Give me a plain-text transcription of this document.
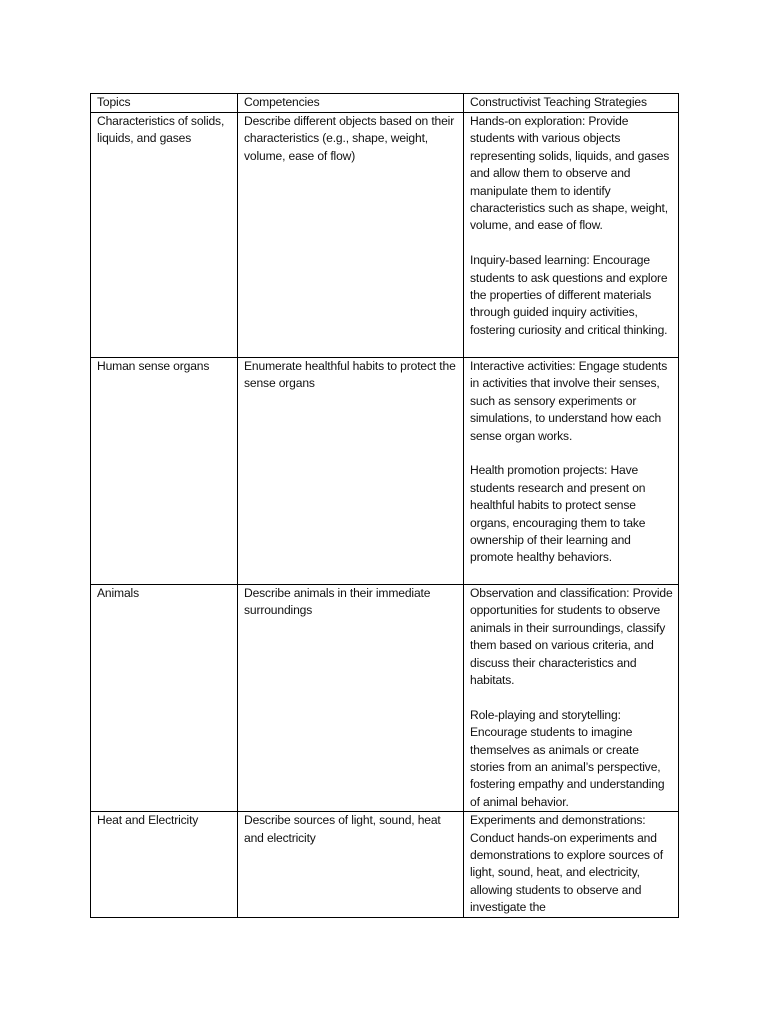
Topics	Competencies	Constructivist Teaching Strategies
Characteristics of solids, liquids, and gases	Describe different objects based on their characteristics (e.g., shape, weight, volume, ease of flow)	Hands-on exploration: Provide students with various objects representing solids, liquids, and gases and allow them to observe and manipulate them to identify characteristics such as shape, weight, volume, and ease of flow.

Inquiry-based learning: Encourage students to ask questions and explore the properties of different materials through guided inquiry activities, fostering curiosity and critical thinking.

Human sense organs	Enumerate healthful habits to protect the sense organs	Interactive activities: Engage students in activities that involve their senses, such as sensory experiments or simulations, to understand how each sense organ works.

Health promotion projects: Have students research and present on healthful habits to protect sense organs, encouraging them to take ownership of their learning and promote healthy behaviors.

Animals	Describe animals in their immediate surroundings	Observation and classification: Provide opportunities for students to observe animals in their surroundings, classify them based on various criteria, and discuss their characteristics and habitats.

Role-playing and storytelling: Encourage students to imagine themselves as animals or create stories from an animal’s perspective, fostering empathy and understanding of animal behavior.

Heat and Electricity	Describe sources of light, sound, heat and electricity	Experiments and demonstrations: Conduct hands-on experiments and demonstrations to explore sources of light, sound, heat, and electricity, allowing students to observe and investigate the
